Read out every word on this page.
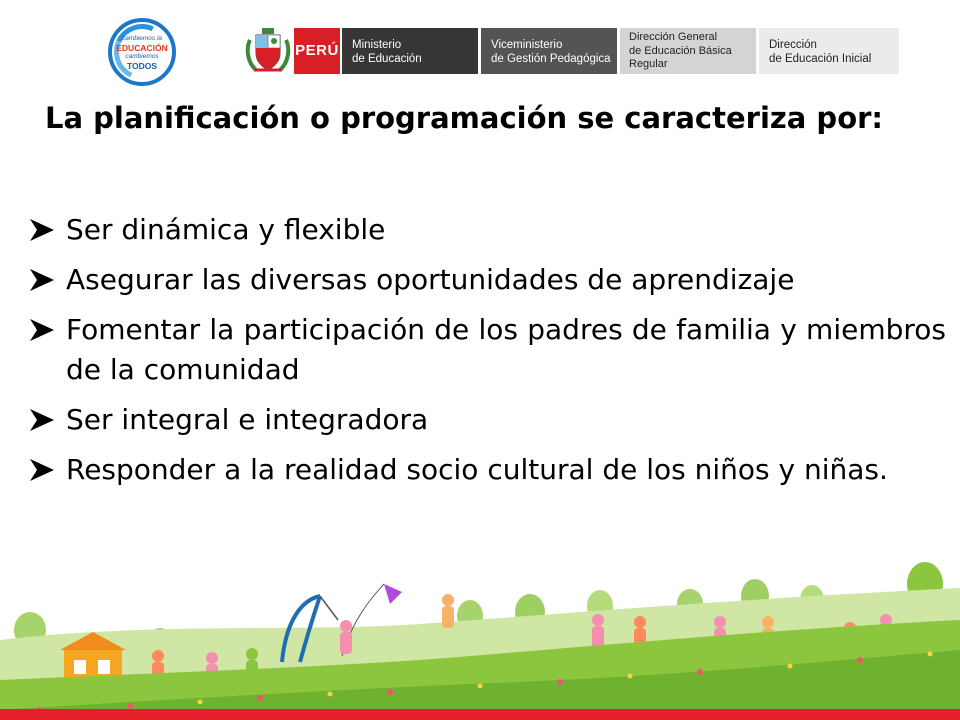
cambiemos la
EDUCACIÓN
cambiemos
TODOS
PERÚ Ministerio
de Educación
Viceministerio
de Gestión Pedagógica
Dirección General
de Educación Básica
Regular
Dirección
de Educación Inicial
La planificación o programación se caracteriza por:
Ser dinámica y flexible
Asegurar las diversas oportunidades de aprendizaje
Fomentar la participación de los padres de familia y miembros de la comunidad
Ser integral e integradora
Responder a la realidad socio cultural de los niños y niñas.
